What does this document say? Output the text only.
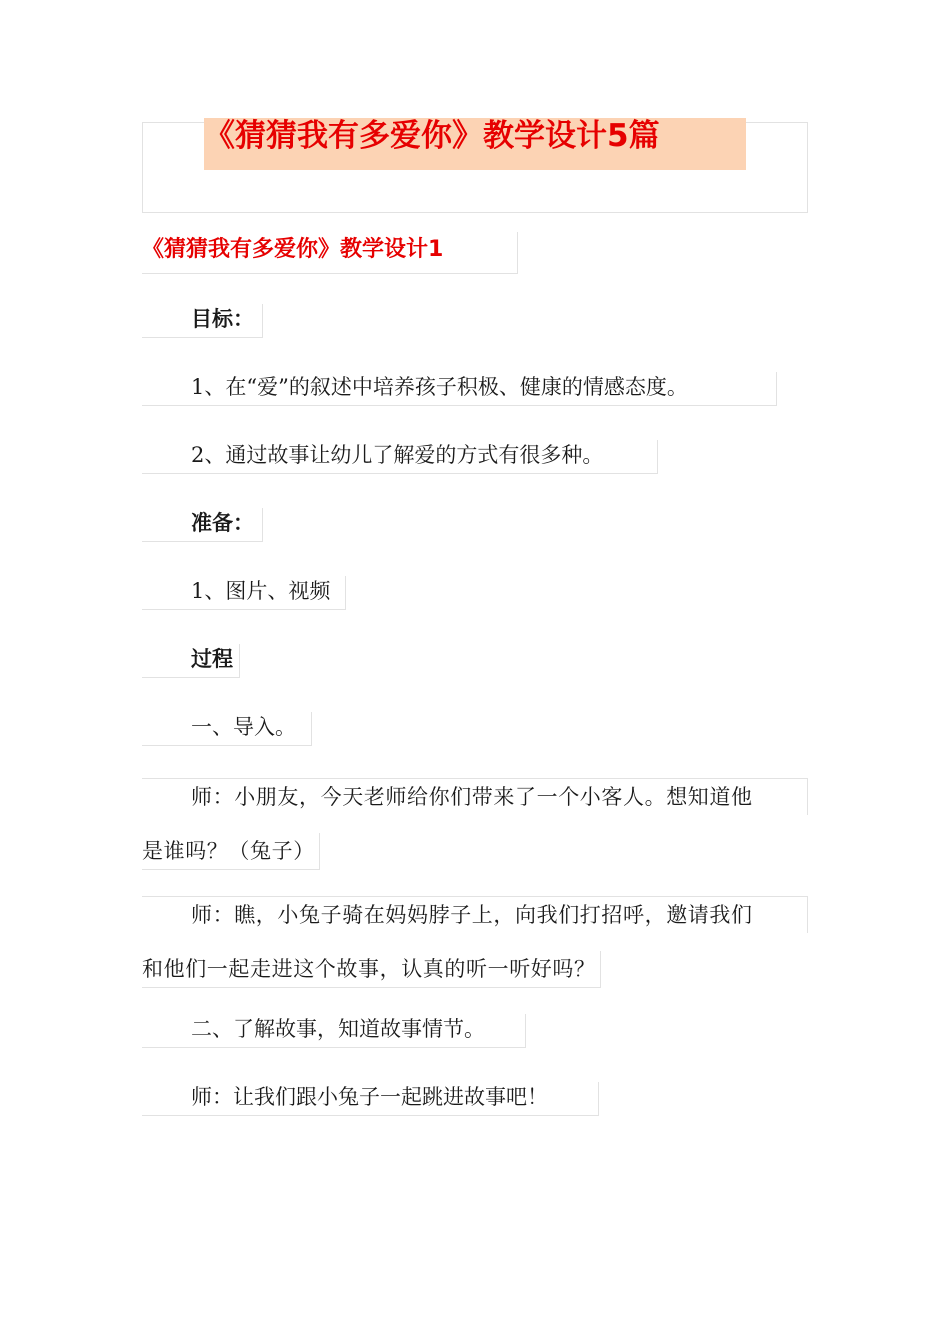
《猜猜我有多爱你》教学设计5篇
《猜猜我有多爱你》教学设计1
目标：
1、在“爱”的叙述中培养孩子积极、健康的情感态度。
2、通过故事让幼儿了解爱的方式有很多种。
准备：
1、图片、视频
过程
一、导入。
师：小朋友，今天老师给你们带来了一个小客人。想知道他
是谁吗？（兔子）
师：瞧，小兔子骑在妈妈脖子上，向我们打招呼，邀请我们
和他们一起走进这个故事，认真的听一听好吗？
二、了解故事，知道故事情节。
师：让我们跟小兔子一起跳进故事吧！
